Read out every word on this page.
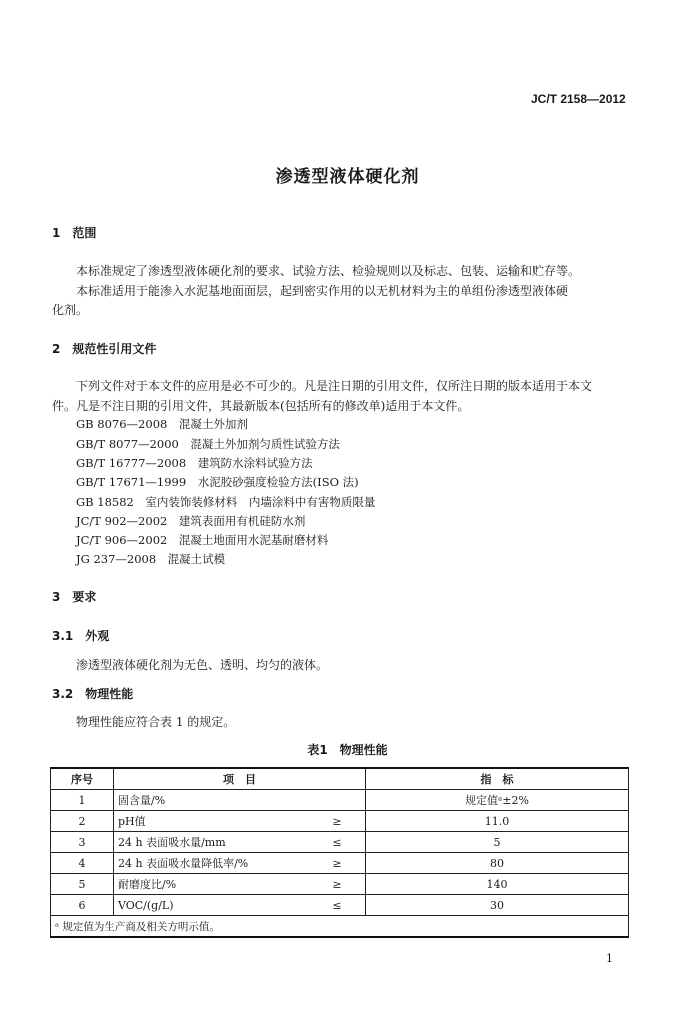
JC/T 2158—2012
渗透型液体硬化剂
1　范围
本标准规定了渗透型液体硬化剂的要求、试验方法、检验规则以及标志、包装、运输和贮存等。
本标准适用于能渗入水泥基地面面层，起到密实作用的以无机材料为主的单组份渗透型液体硬
化剂。
2　规范性引用文件
下列文件对于本文件的应用是必不可少的。凡是注日期的引用文件，仅所注日期的版本适用于本文
件。凡是不注日期的引用文件，其最新版本(包括所有的修改单)适用于本文件。
GB 8076—2008　混凝土外加剂
GB/T 8077—2000　混凝土外加剂匀质性试验方法
GB/T 16777—2008　建筑防水涂料试验方法
GB/T 17671—1999　水泥胶砂强度检验方法(ISO 法)
GB 18582　室内装饰装修材料　内墙涂料中有害物质限量
JC/T 902—2002　建筑表面用有机硅防水剂
JC/T 906—2002　混凝土地面用水泥基耐磨材料
JG 237—2008　混凝土试模
3　要求
3.1　外观
渗透型液体硬化剂为无色、透明、均匀的液体。
3.2　物理性能
物理性能应符合表 1 的规定。
表1　物理性能
序号	项　目		指　标
1	固含量/%		规定值ᵃ±2%
2	pH值	≥	11.0
3	24 h 表面吸水量/mm	≤	5
4	24 h 表面吸水量降低率/%	≥	80
5	耐磨度比/%	≥	140
6	VOC/(g/L)	≤	30
ᵃ 规定值为生产商及相关方明示值。			
1
